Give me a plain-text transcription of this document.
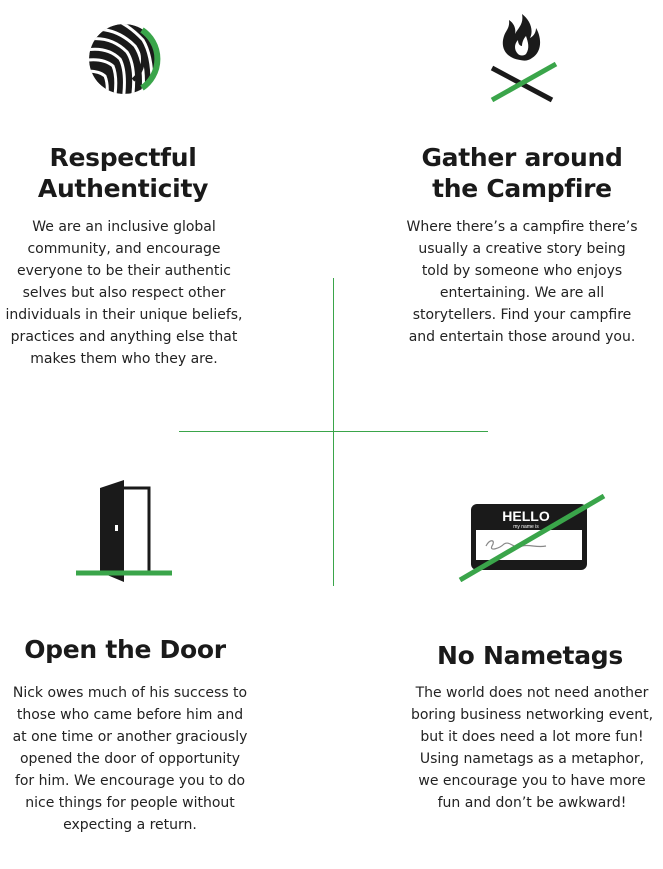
HELLO
my name is
Respectful
Authenticity
We are an inclusive global
community, and encourage
everyone to be their authentic
selves but also respect other
individuals in their unique beliefs,
practices and anything else that
makes them who they are.
Gather around
the Campfire
Where there’s a campfire there’s
usually a creative story being
told by someone who enjoys
entertaining. We are all
storytellers. Find your campfire
and entertain those around you.
Open the Door
Nick owes much of his success to
those who came before him and
at one time or another graciously
opened the door of opportunity
for him. We encourage you to do
nice things for people without
expecting a return.
No Nametags
The world does not need another
boring business networking event,
but it does need a lot more fun!
Using nametags as a metaphor,
we encourage you to have more
fun and don’t be awkward!
